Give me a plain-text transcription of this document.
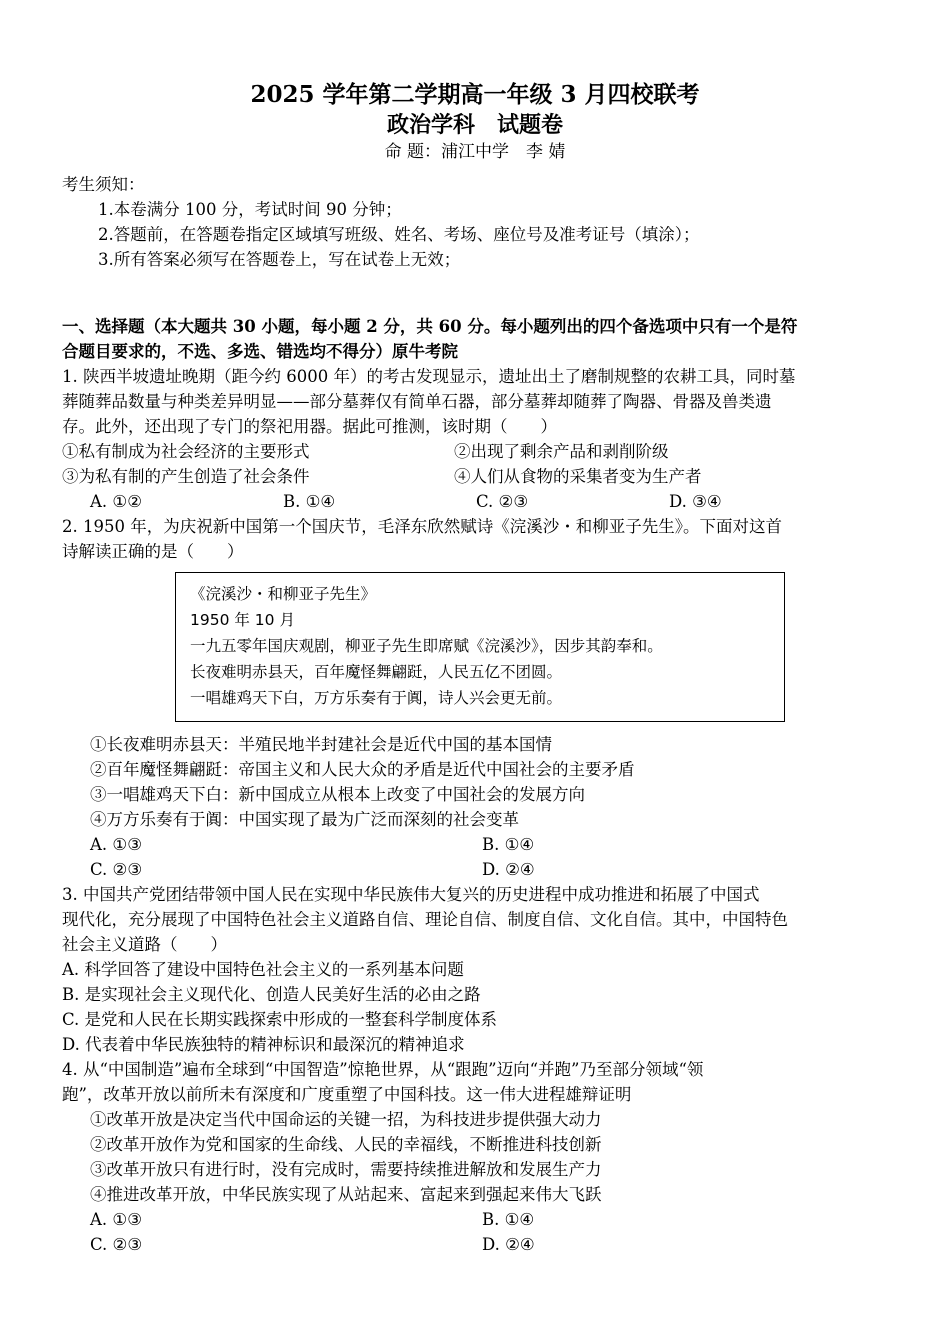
2025 学年第二学期高一年级 3 月四校联考
政治学科　试题卷
命 题：浦江中学　李 婧
考生须知：
1.本卷满分 100 分，考试时间 90 分钟；
2.答题前，在答题卷指定区域填写班级、姓名、考场、座位号及准考证号（填涂）；
3.所有答案必须写在答题卷上，写在试卷上无效；
一、选择题（本大题共 30 小题，每小题 2 分，共 60 分。每小题列出的四个备选项中只有一个是符
合题目要求的，不选、多选、错选均不得分）原牛考院
1. 陕西半坡遗址晚期（距今约 6000 年）的考古发现显示，遗址出土了磨制规整的农耕工具，同时墓
葬随葬品数量与种类差异明显——部分墓葬仅有简单石器，部分墓葬却随葬了陶器、骨器及兽类遗
存。此外，还出现了专门的祭祀用器。据此可推测，该时期（　　）
①私有制成为社会经济的主要形式	②出现了剩余产品和剥削阶级
③为私有制的产生创造了社会条件	④人们从食物的采集者变为生产者
A. ①②	B. ①④	C. ②③	D. ③④
2. 1950 年，为庆祝新中国第一个国庆节，毛泽东欣然赋诗《浣溪沙・和柳亚子先生》。下面对这首
诗解读正确的是（　　）
《浣溪沙・和柳亚子先生》
1950 年 10 月
一九五零年国庆观剧，柳亚子先生即席赋《浣溪沙》，因步其韵奉和。
长夜难明赤县天，百年魔怪舞翩跹，人民五亿不团圆。
一唱雄鸡天下白，万方乐奏有于阗，诗人兴会更无前。
①长夜难明赤县天：半殖民地半封建社会是近代中国的基本国情
②百年魔怪舞翩跹：帝国主义和人民大众的矛盾是近代中国社会的主要矛盾
③一唱雄鸡天下白：新中国成立从根本上改变了中国社会的发展方向
④万方乐奏有于阗：中国实现了最为广泛而深刻的社会变革
A. ①③	B. ①④
C. ②③	D. ②④
3. 中国共产党团结带领中国人民在实现中华民族伟大复兴的历史进程中成功推进和拓展了中国式
现代化，充分展现了中国特色社会主义道路自信、理论自信、制度自信、文化自信。其中，中国特色
社会主义道路（　　）
A. 科学回答了建设中国特色社会主义的一系列基本问题
B. 是实现社会主义现代化、创造人民美好生活的必由之路
C. 是党和人民在长期实践探索中形成的一整套科学制度体系
D. 代表着中华民族独特的精神标识和最深沉的精神追求
4. 从“中国制造”遍布全球到“中国智造”惊艳世界，从“跟跑”迈向“并跑”乃至部分领域“领
跑”，改革开放以前所未有深度和广度重塑了中国科技。这一伟大进程雄辩证明
①改革开放是决定当代中国命运的关键一招，为科技进步提供强大动力
②改革开放作为党和国家的生命线、人民的幸福线，不断推进科技创新
③改革开放只有进行时，没有完成时，需要持续推进解放和发展生产力
④推进改革开放，中华民族实现了从站起来、富起来到强起来伟大飞跃
A. ①③	B. ①④
C. ②③	D. ②④
